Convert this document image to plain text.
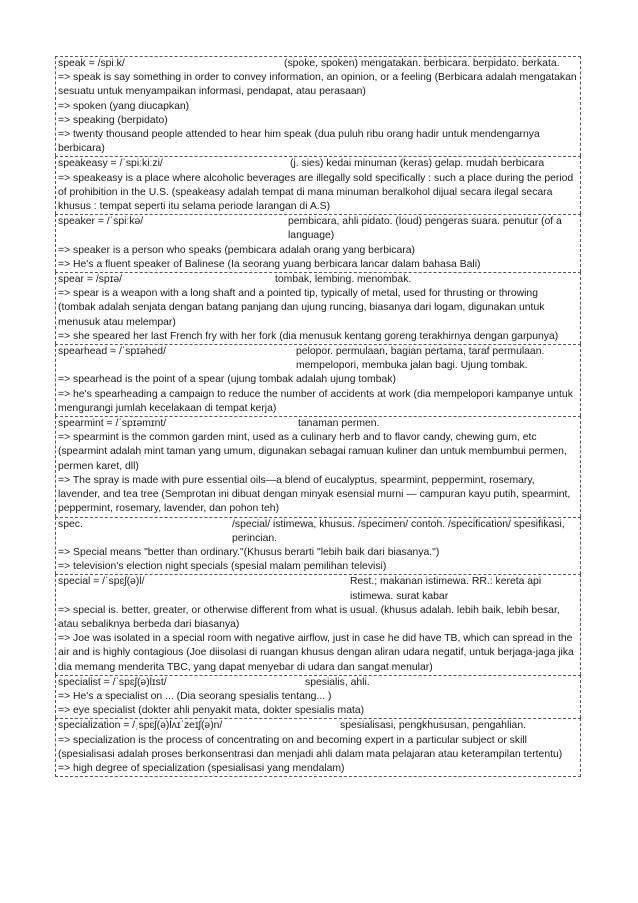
speak = /spiːk/	(spoke, spoken) mengatakan. berbicara. berpidato. berkata.
=> speak is say something in order to convey information, an opinion, or a feeling (Berbicara adalah mengatakan sesuatu untuk menyampaikan informasi, pendapat, atau perasaan)
=> spoken (yang diucapkan)
=> speaking (berpidato)
=> twenty thousand people attended to hear him speak (dua puluh ribu orang hadir untuk mendengarnya berbicara)
speakeasy = /ˈspiːkiːzi/	(j. sies) kedai minuman (keras) gelap. mudah berbicara
=> speakeasy is a place where alcoholic beverages are illegally sold specifically : such a place during the period of prohibition in the U.S. (speakeasy adalah tempat di mana minuman beralkohol dijual secara ilegal secara khusus : tempat seperti itu selama periode larangan di A.S)
speaker = /ˈspiːkə/	pembicara, ahli pidato. (loud) pengeras suara. penutur (of a language)
=> speaker is a person who speaks (pembicara adalah orang yang berbicara)
=> He's a fluent speaker of Balinese (Ia seorang yuang berbicara lancar dalam bahasa Bali)
spear = /spɪə/	tombak, lembing. menombak.
=> spear is a weapon with a long shaft and a pointed tip, typically of metal, used for thrusting or throwing (tombak adalah senjata dengan batang panjang dan ujung runcing, biasanya dari logam, digunakan untuk menusuk atau melempar)
=> she speared her last French fry with her fork (dia menusuk kentang goreng terakhirnya dengan garpunya)
spearhead = /ˈspɪəhed/	pelopor. permulaan, bagian pertama, taraf permulaan. mempelopori, membuka jalan bagi. Ujung tombak.
=> spearhead is the point of a spear (ujung tombak adalah ujung tombak)
=> he's spearheading a campaign to reduce the number of accidents at work (dia mempelopori kampanye untuk mengurangi jumlah kecelakaan di tempat kerja)
spearmint = /ˈspɪəmɪnt/	tanaman permen.
=> spearmint is the common garden mint, used as a culinary herb and to flavor candy, chewing gum, etc (spearmint adalah mint taman yang umum, digunakan sebagai ramuan kuliner dan untuk membumbui permen, permen karet, dll)
=> The spray is made with pure essential oils—a blend of eucalyptus, spearmint, peppermint, rosemary, lavender, and tea tree (Semprotan ini dibuat dengan minyak esensial murni — campuran kayu putih, spearmint, peppermint, rosemary, lavender, dan pohon teh)
spec.	/special/ istimewa, khusus. /specimen/ contoh. /specification/ spesifikasi, perincian.
=> Special means "better than ordinary."(Khusus berarti "lebih baik dari biasanya.")
=> television's election night specials (spesial malam pemilihan televisi)
special = /ˈspɛʃ(ə)l/	Rest.; makanan istimewa. RR.: kereta api istimewa. surat kabar
=> special is. better, greater, or otherwise different from what is usual. (khusus adalah. lebih baik, lebih besar, atau sebaliknya berbeda dari biasanya)
=> Joe was isolated in a special room with negative airflow, just in case he did have TB, which can spread in the air and is highly contagious (Joe diisolasi di ruangan khusus dengan aliran udara negatif, untuk berjaga-jaga jika dia memang menderita TBC, yang dapat menyebar di udara dan sangat menular)
specialist = /ˈspɛʃ(ə)lɪst/	spesialis, ahli.
=> He's a specialist on ... (Dia seorang spesialis tentang... )
=> eye specialist (dokter ahli penyakit mata, dokter spesialis mata)
specialization = /ˌspɛʃ(ə)lʌɪˈzeɪʃ(ə)n/	spesialisasi, pengkhususan, pengahlian.
=> specialization is the process of concentrating on and becoming expert in a particular subject or skill (spesialisasi adalah proses berkonsentrasi dan menjadi ahli dalam mata pelajaran atau keterampilan tertentu)
=> high degree of specialization (spesialisasi yang mendalam)
